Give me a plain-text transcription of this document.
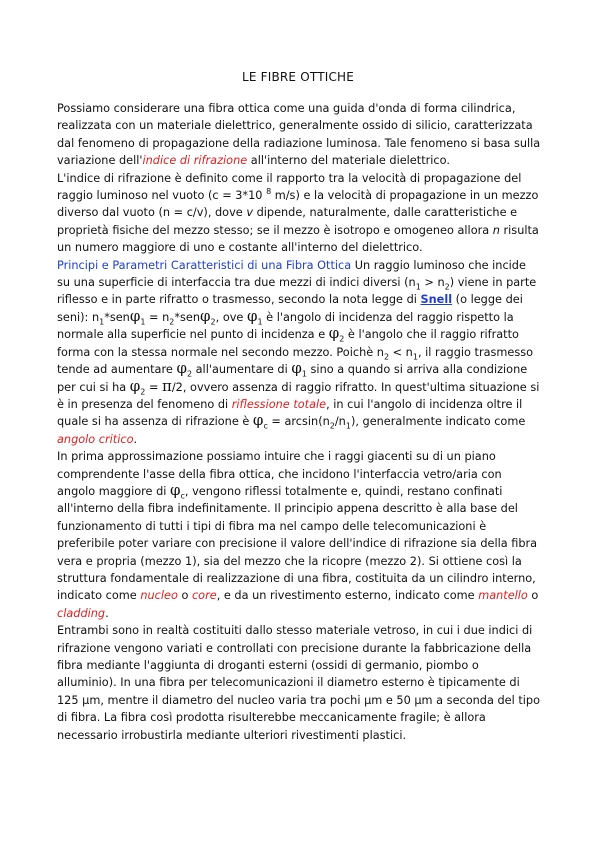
LE FIBRE OTTICHE

Possiamo considerare una fibra ottica come una guida d'onda di forma cilindrica, realizzata con un materiale dielettrico, generalmente ossido di silicio, caratterizzata dal fenomeno di propagazione della radiazione luminosa. Tale fenomeno si basa sulla variazione dell'indice di rifrazione all'interno del materiale dielettrico.

L'indice di rifrazione è definito come il rapporto tra la velocità di propagazione del raggio luminoso nel vuoto (c = 3*10 $^8$ m/s) e la velocità di propagazione in un mezzo diverso dal vuoto (n = c/v), dove v dipende, naturalmente, dalle caratteristiche e proprietà fisiche del mezzo stesso; se il mezzo è isotropo e omogeneo allora n risulta un numero maggiore di uno e costante all'interno del dielettrico.

Principi e Parametri Caratteristici di una Fibra Ottica Un raggio luminoso che incide su una superficie di interfaccia tra due mezzi di indici diversi $(n_1 > n_2)$ viene in parte riflesso e in parte rifratto o trasmesso, secondo la nota legge di Snell (o legge dei seni): $n_1*sen\varphi_1 = n_2*sen\varphi_2$, ove $\varphi_1$ è l'angolo di incidenza del raggio rispetto la normale alla superficie nel punto di incidenza e $\varphi_2$ è l'angolo che il raggio rifratto forma con la stessa normale nel secondo mezzo. Poichè $n_2 < n_1$, il raggio trasmesso tende ad aumentare $\varphi_2$ all'aumentare di $\varphi_1$ sino a quando si arriva alla condizione per cui si ha $\varphi_2 = \pi/2$, ovvero assenza di raggio rifratto. In quest'ultima situazione si è in presenza del fenomeno di riflessione totale, in cui l'angolo di incidenza oltre il quale si ha assenza di rifrazione è $\varphi_c = \arcsin(n_2/n_1)$, generalmente indicato come angolo critico.

In prima approssimazione possiamo intuire che i raggi giacenti su di un piano comprendente l'asse della fibra ottica, che incidono l'interfaccia vetro/aria con angolo maggiore di $\varphi_c$, vengono riflessi totalmente e, quindi, restano confinati all'interno della fibra indefinitamente. Il principio appena descritto è alla base del funzionamento di tutti i tipi di fibra ma nel campo delle telecomunicazioni è preferibile poter variare con precisione il valore dell'indice di rifrazione sia della fibra vera e propria (mezzo 1), sia del mezzo che la ricopre (mezzo 2). Si ottiene così la struttura fondamentale di realizzazione di una fibra, costituita da un cilindro interno, indicato come nucleo o core, e da un rivestimento esterno, indicato come mantello o cladding.

Entrambi sono in realtà costituiti dallo stesso materiale vetroso, in cui i due indici di rifrazione vengono variati e controllati con precisione durante la fabbricazione della fibra mediante l'aggiunta di droganti esterni (ossidi di germanio, piombo o alluminio). In una fibra per telecomunicazioni il diametro esterno è tipicamente di 125 μm, mentre il diametro del nucleo varia tra pochi μm e 50 μm a seconda del tipo di fibra. La fibra così prodotta risulterebbe meccanicamente fragile; è allora necessario irrobustirla mediante ulteriori rivestimenti plastici.
